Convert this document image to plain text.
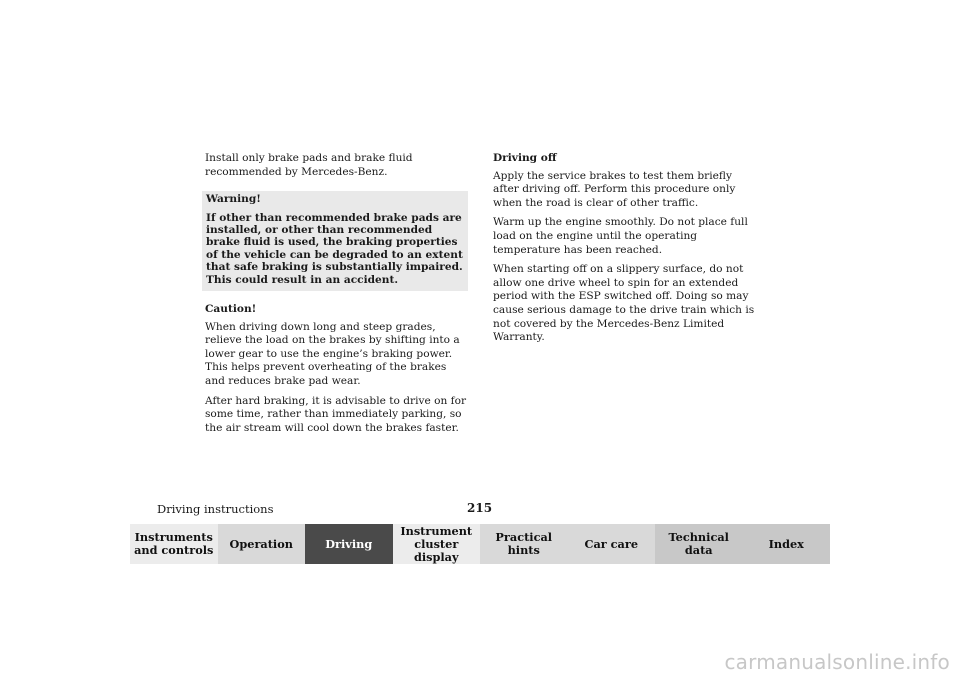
Install only brake pads and brake fluid recommended by Mercedes-Benz.

Warning!
If other than recommended brake pads are installed, or other than recommended brake fluid is used, the braking properties of the vehicle can be degraded to an extent that safe braking is substantially impaired. This could result in an accident.
Caution!

When driving down long and steep grades, relieve the load on the brakes by shifting into a lower gear to use the engine’s braking power. This helps prevent overheating of the brakes and reduces brake pad wear.

After hard braking, it is advisable to drive on for some time, rather than immediately parking, so the air stream will cool down the brakes faster.

Driving off

Apply the service brakes to test them briefly after driving off. Perform this procedure only when the road is clear of other traffic.

Warm up the engine smoothly. Do not place full load on the engine until the operating temperature has been reached.

When starting off on a slippery surface, do not allow one drive wheel to spin for an extended period with the ESP switched off. Doing so may cause serious damage to the drive train which is not covered by the Mercedes-Benz Limited Warranty.

Driving instructions	215
Instruments
and controls Operation	Driving
Instrument
cluster display
Practical hints	Car care	Technical
data	Index
carmanualsonline.info
